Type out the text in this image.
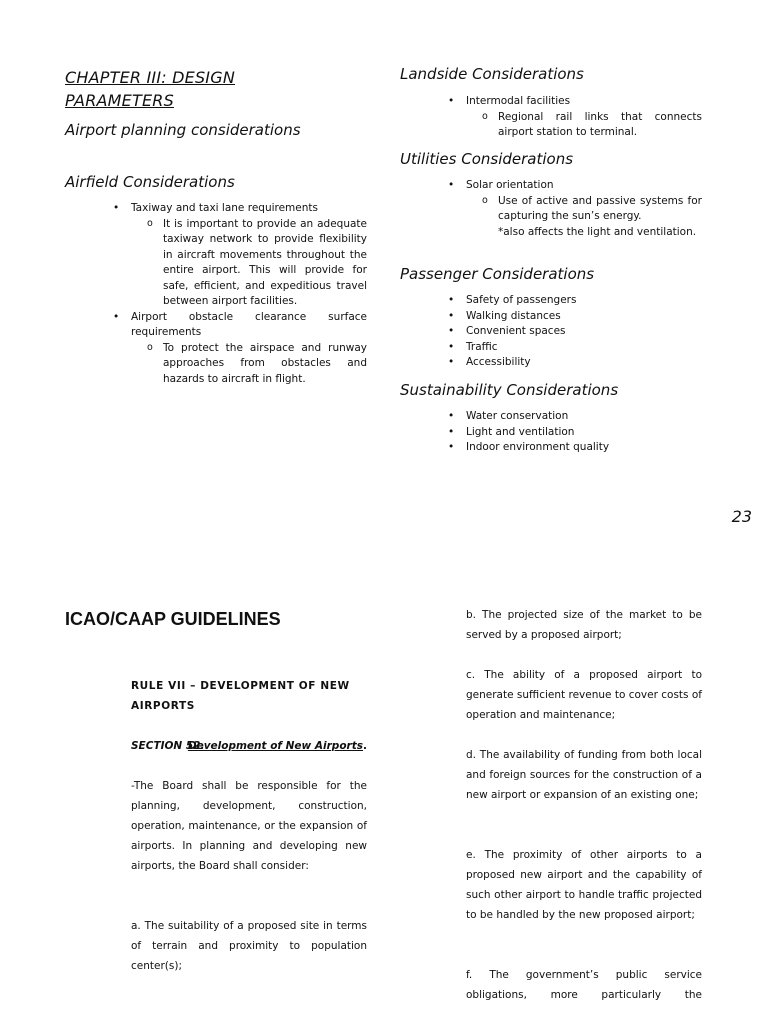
CHAPTER III: DESIGN PARAMETERS
Airport planning considerations
Airfield Considerations
• Taxiway and taxi lane requirements
o It is important to provide an adequate taxiway network to provide flexibility in aircraft movements throughout the entire airport. This will provide for safe, efficient, and expeditious travel between airport facilities.
• Airport obstacle clearance surface requirements
o To protect the airspace and runway approaches from obstacles and hazards to aircraft in flight.
Landside Considerations
• Intermodal facilities
o Regional rail links that connects airport station to terminal.
Utilities Considerations
• Solar orientation
o Use of active and passive systems for capturing the sun’s energy.
*also affects the light and ventilation.
Passenger Considerations
• Safety of passengers
• Walking distances
• Convenient spaces
• Traffic
• Accessibility
Sustainability Considerations
• Water conservation
• Light and ventilation
• Indoor environment quality
23
ICAO/CAAP GUIDELINES
RULE VII – DEVELOPMENT OF NEW AIRPORTS
SECTION 52.
Development of New Airports.
-The Board shall be responsible for the planning, development, construction, operation, maintenance, or the expansion of airports. In planning and developing new airports, the Board shall consider:
a. The suitability of a proposed site in terms of terrain and proximity to population center(s);
b. The projected size of the market to be served by a proposed airport;
c. The ability of a proposed airport to generate sufficient revenue to cover costs of operation and maintenance;
d. The availability of funding from both local and foreign sources for the construction of a new airport or expansion of an existing one;
e. The proximity of other airports to a proposed new airport and the capability of such other airport to handle traffic projected to be handled by the new proposed airport;
f. The government’s public service obligations, more particularly the
